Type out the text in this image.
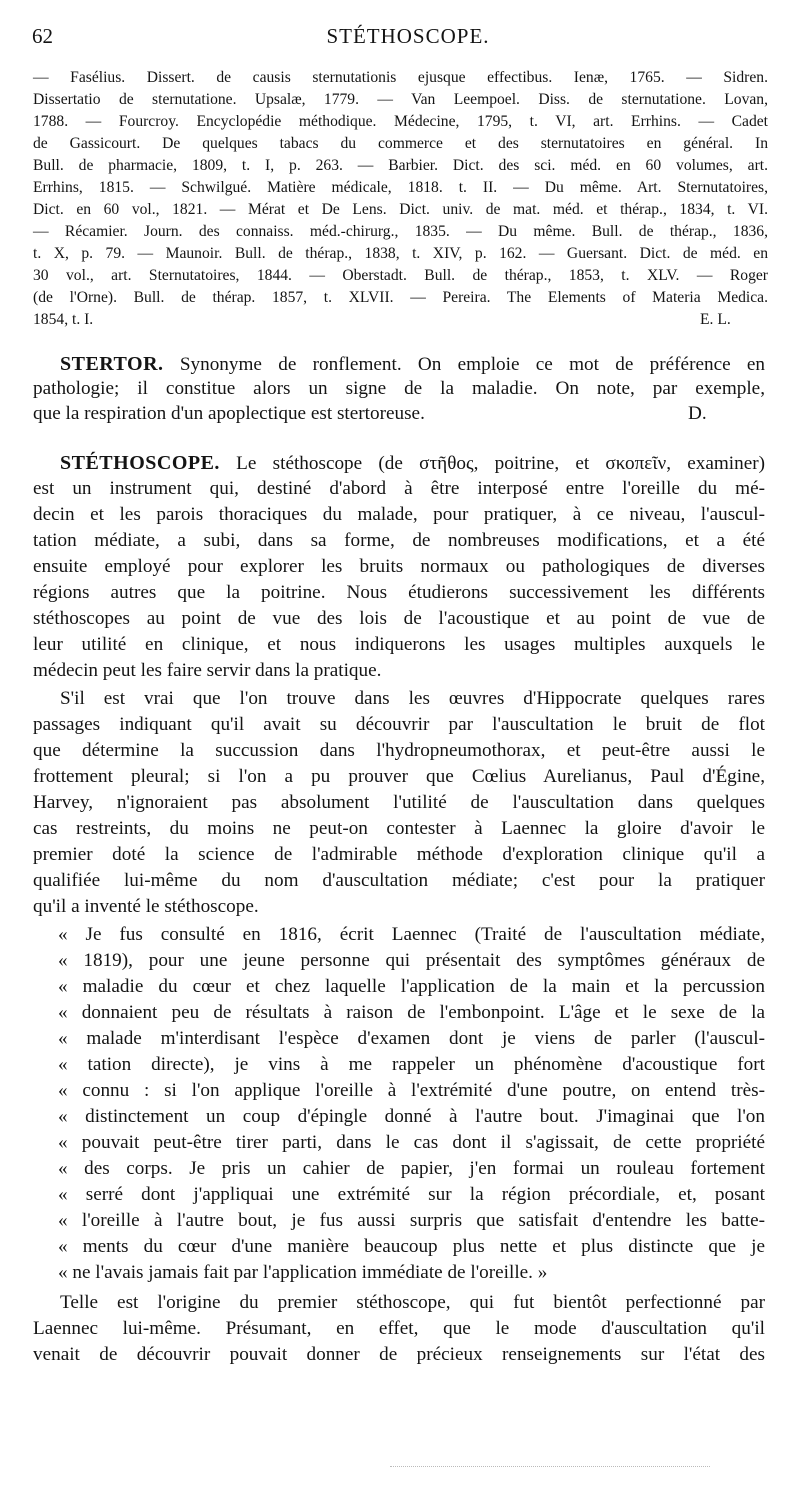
62	STÉTHOSCOPE.
— Fasélius. Dissert. de causis sternutationis ejusque effectibus. Ienæ, 1765. — Sidren.
Dissertatio de sternutatione. Upsalæ, 1779. — Van Leempoel. Diss. de sternutatione. Lovan,
1788. — Fourcroy. Encyclopédie méthodique. Médecine, 1795, t. VI, art. Errhins. — Cadet
de Gassicourt. De quelques tabacs du commerce et des sternutatoires en général. In
Bull. de pharmacie, 1809, t. I, p. 263. — Barbier. Dict. des sci. méd. en 60 volumes, art.
Errhins, 1815. — Schwilgué. Matière médicale, 1818. t. II. — Du même. Art. Sternutatoires,
Dict. en 60 vol., 1821. — Mérat et De Lens. Dict. univ. de mat. méd. et thérap., 1834, t. VI.
— Récamier. Journ. des connaiss. méd.-chirurg., 1835. — Du même. Bull. de thérap., 1836,
t. X, p. 79. — Maunoir. Bull. de thérap., 1838, t. XIV, p. 162. — Guersant. Dict. de méd. en
30 vol., art. Sternutatoires, 1844. — Oberstadt. Bull. de thérap., 1853, t. XLV. — Roger
(de l'Orne). Bull. de thérap. 1857, t. XLVII. — Pereira. The Elements of Materia Medica.
1854, t. I.	E. L.
STERTOR. Synonyme de ronflement. On emploie ce mot de préférence en
pathologie; il constitue alors un signe de la maladie. On note, par exemple,
que la respiration d'un apoplectique est stertoreuse.	D.
STÉTHOSCOPE. Le stéthoscope (de στῆθος, poitrine, et σκοπεῖν, examiner)
est un instrument qui, destiné d'abord à être interposé entre l'oreille du mé-
decin et les parois thoraciques du malade, pour pratiquer, à ce niveau, l'auscul-
tation médiate, a subi, dans sa forme, de nombreuses modifications, et a été
ensuite employé pour explorer les bruits normaux ou pathologiques de diverses
régions autres que la poitrine. Nous étudierons successivement les différents
stéthoscopes au point de vue des lois de l'acoustique et au point de vue de
leur utilité en clinique, et nous indiquerons les usages multiples auxquels le
médecin peut les faire servir dans la pratique.
S'il est vrai que l'on trouve dans les œuvres d'Hippocrate quelques rares
passages indiquant qu'il avait su découvrir par l'auscultation le bruit de flot
que détermine la succussion dans l'hydropneumothorax, et peut-être aussi le
frottement pleural; si l'on a pu prouver que Cœlius Aurelianus, Paul d'Égine,
Harvey, n'ignoraient pas absolument l'utilité de l'auscultation dans quelques
cas restreints, du moins ne peut-on contester à Laennec la gloire d'avoir le
premier doté la science de l'admirable méthode d'exploration clinique qu'il a
qualifiée lui-même du nom d'auscultation médiate; c'est pour la pratiquer
qu'il a inventé le stéthoscope.
« Je fus consulté en 1816, écrit Laennec (Traité de l'auscultation médiate,
« 1819), pour une jeune personne qui présentait des symptômes généraux de
« maladie du cœur et chez laquelle l'application de la main et la percussion
« donnaient peu de résultats à raison de l'embonpoint. L'âge et le sexe de la
« malade m'interdisant l'espèce d'examen dont je viens de parler (l'auscul-
« tation directe), je vins à me rappeler un phénomène d'acoustique fort
« connu : si l'on applique l'oreille à l'extrémité d'une poutre, on entend très-
« distinctement un coup d'épingle donné à l'autre bout. J'imaginai que l'on
« pouvait peut-être tirer parti, dans le cas dont il s'agissait, de cette propriété
« des corps. Je pris un cahier de papier, j'en formai un rouleau fortement
« serré dont j'appliquai une extrémité sur la région précordiale, et, posant
« l'oreille à l'autre bout, je fus aussi surpris que satisfait d'entendre les batte-
« ments du cœur d'une manière beaucoup plus nette et plus distincte que je
« ne l'avais jamais fait par l'application immédiate de l'oreille. »
Telle est l'origine du premier stéthoscope, qui fut bientôt perfectionné par
Laennec lui-même. Présumant, en effet, que le mode d'auscultation qu'il
venait de découvrir pouvait donner de précieux renseignements sur l'état des
